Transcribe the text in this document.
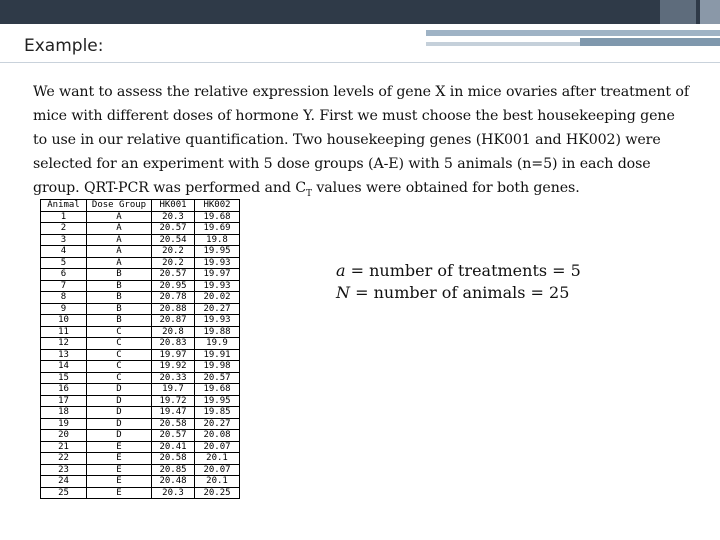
Example:
We want to assess the relative expression levels of gene X in mice ovaries after treatment of mice with different doses of hormone Y. First we must choose the best housekeeping gene to use in our relative quantification. Two housekeeping genes (HK001 and HK002) were selected for an experiment with 5 dose groups (A-E) with 5 animals (n=5) in each dose group. QRT-PCR was performed and $C_T$ values were obtained for both genes.
Animal	Dose Group	HK001	HK002
1	A	20.3	19.68
2	A	20.57	19.69
3	A	20.54	19.8
4	A	20.2	19.95
5	A	20.2	19.93
6	B	20.57	19.97
7	B	20.95	19.93
8	B	20.78	20.02
9	B	20.88	20.27
10	B	20.87	19.93
11	C	20.8	19.88
12	C	20.83	19.9
13	C	19.97	19.91
14	C	19.92	19.98
15	C	20.33	20.57
16	D	19.7	19.68
17	D	19.72	19.95
18	D	19.47	19.85
19	D	20.58	20.27
20	D	20.57	20.08
21	E	20.41	20.07
22	E	20.58	20.1
23	E	20.85	20.07
24	E	20.48	20.1
25	E	20.3	20.25
a = number of treatments = 5
N = number of animals = 25
